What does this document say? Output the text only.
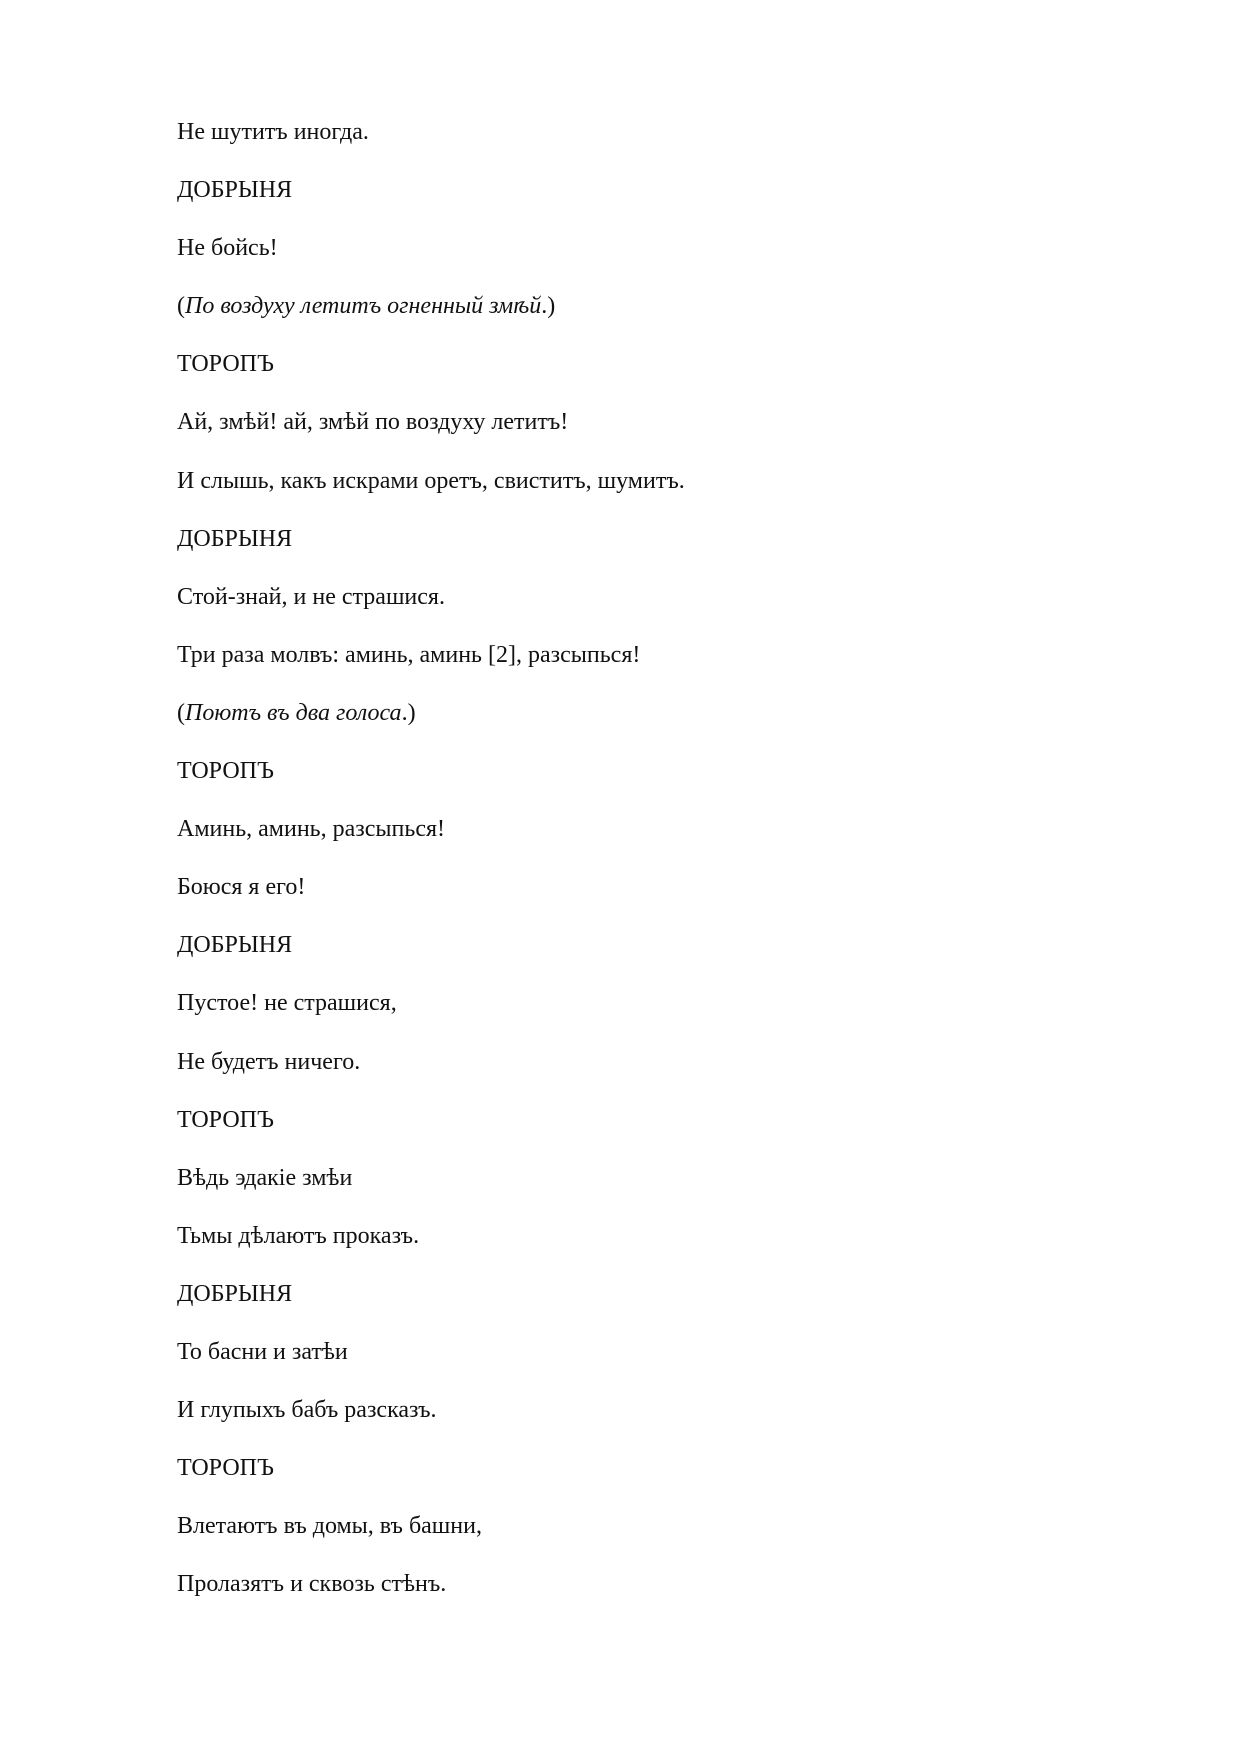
Не шутитъ иногда.
ДОБРЫНЯ
Не бойсь!
(По воздуху летитъ огненный змѣй.)
ТОРОПЪ
Ай, змѣй! ай, змѣй по воздуху летитъ!
И слышь, какъ искрами оретъ, свиститъ, шумитъ.
ДОБРЫНЯ
Стой-знай, и не страшися.
Три раза молвъ: аминь, аминь [2], разсыпься!
(Поютъ въ два голоса.)
ТОРОПЪ
Аминь, аминь, разсыпься!
Боюся я его!
ДОБРЫНЯ
Пустое! не страшися,
Не будетъ ничего.
ТОРОПЪ
Вѣдь эдакіе змѣи
Тьмы дѣлаютъ проказъ.
ДОБРЫНЯ
То басни и затѣи
И глупыхъ бабъ разсказъ.
ТОРОПЪ
Влетаютъ въ домы, въ башни,
Пролазятъ и сквозь стѣнъ.
